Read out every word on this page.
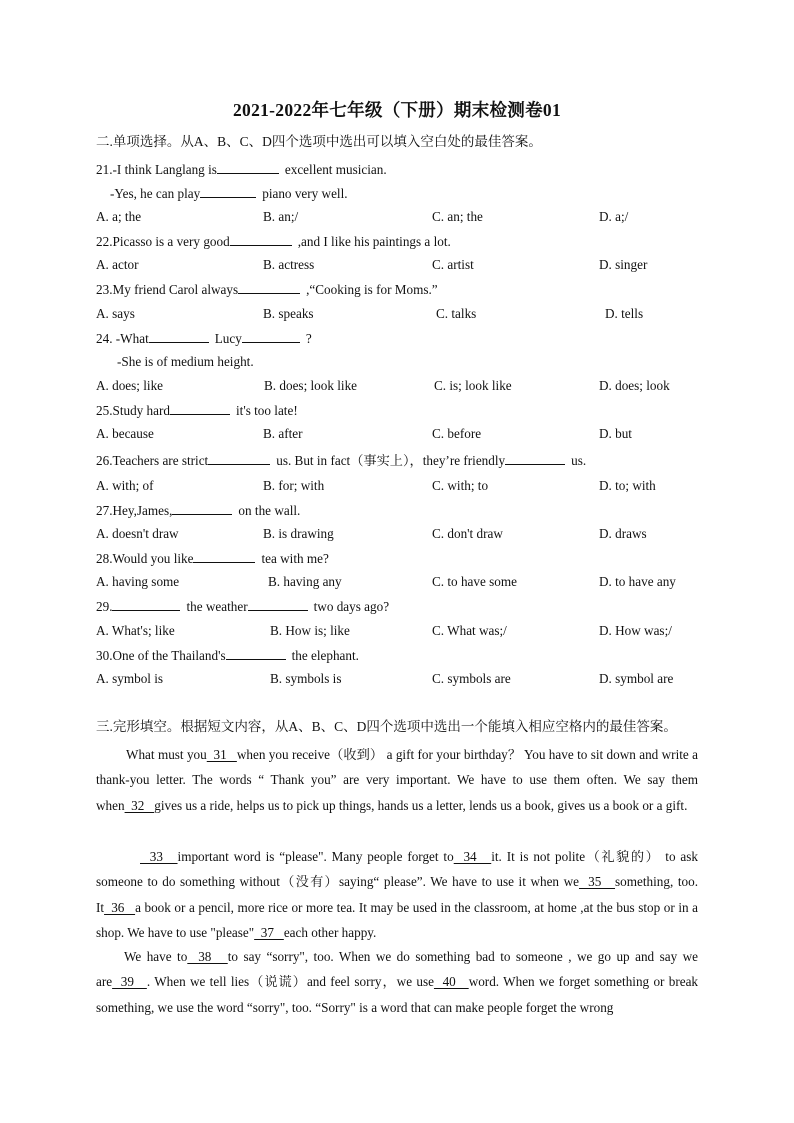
2021-2022年七年级（下册）期末检测卷01
二.单项选择。从A、B、C、D四个选项中选出可以填入空白处的最佳答案。
21.-I think Langlang is	excellent musician.
-Yes, he can play	piano very well.
A. a; the	B. an;/	C. an; the	D. a;/
22.Picasso is a very good	,and I like his paintings a lot.
A. actor	B. actress	C. artist	D. singer
23.My friend Carol always	,“Cooking is for Moms.”
A. says	B. speaks	C. talks	D. tells
24. -What	Lucy	?
-She is of medium height.
A. does; like	B. does; look like	C. is; look like	D. does; look
25.Study hard	it's too late!
A. because	B. after	C. before	D. but
26.Teachers are strict	us. But in fact（事实上），they’re friendly	us.
A. with; of	B. for; with	C. with; to	D. to; with
27.Hey,James,	on the wall.
A. doesn't draw	B. is drawing	C. don't draw	D. draws
28.Would you like	tea with me?
A. having some	B. having any	C. to have some	D. to have any
29.	the weather	two days ago?
A. What's; like	B. How is; like	C. What was;/	D. How was;/
30.One of the Thailand's	the elephant.
A. symbol is	B. symbols is	C. symbols are	D. symbol are
三.完形填空。根据短文内容，从A、B、C、D四个选项中选出一个能填入相应空格内的最佳答案。
What must you  31   when you receive（收到） a gift for your birthday？ You have to sit down and write a thank-you letter. The words “ Thank you” are very important. We have to use them often. We say them when  32   gives us a ride, helps us to pick up things, hands us a letter, lends us a book, gives us a book or a gift.
33   important word is “please". Many people forget to  34   it. It is not polite（礼貌的） to ask someone to do something without（没有）saying“ please”. We have to use it when we  35   something, too. It  36   a book or a pencil, more rice or more tea. It may be used in the classroom, at home ,at the bus stop or in a shop. We have to use "please"  37   each other happy.
We have to  38   to say “sorry", too. When we do something bad to someone , we go up and say we are  39   . When we tell lies（说谎）and feel sorry，we use  40   word. When we forget something or break something, we use the word “sorry", too. “Sorry" is a word that can make people forget the wrong
